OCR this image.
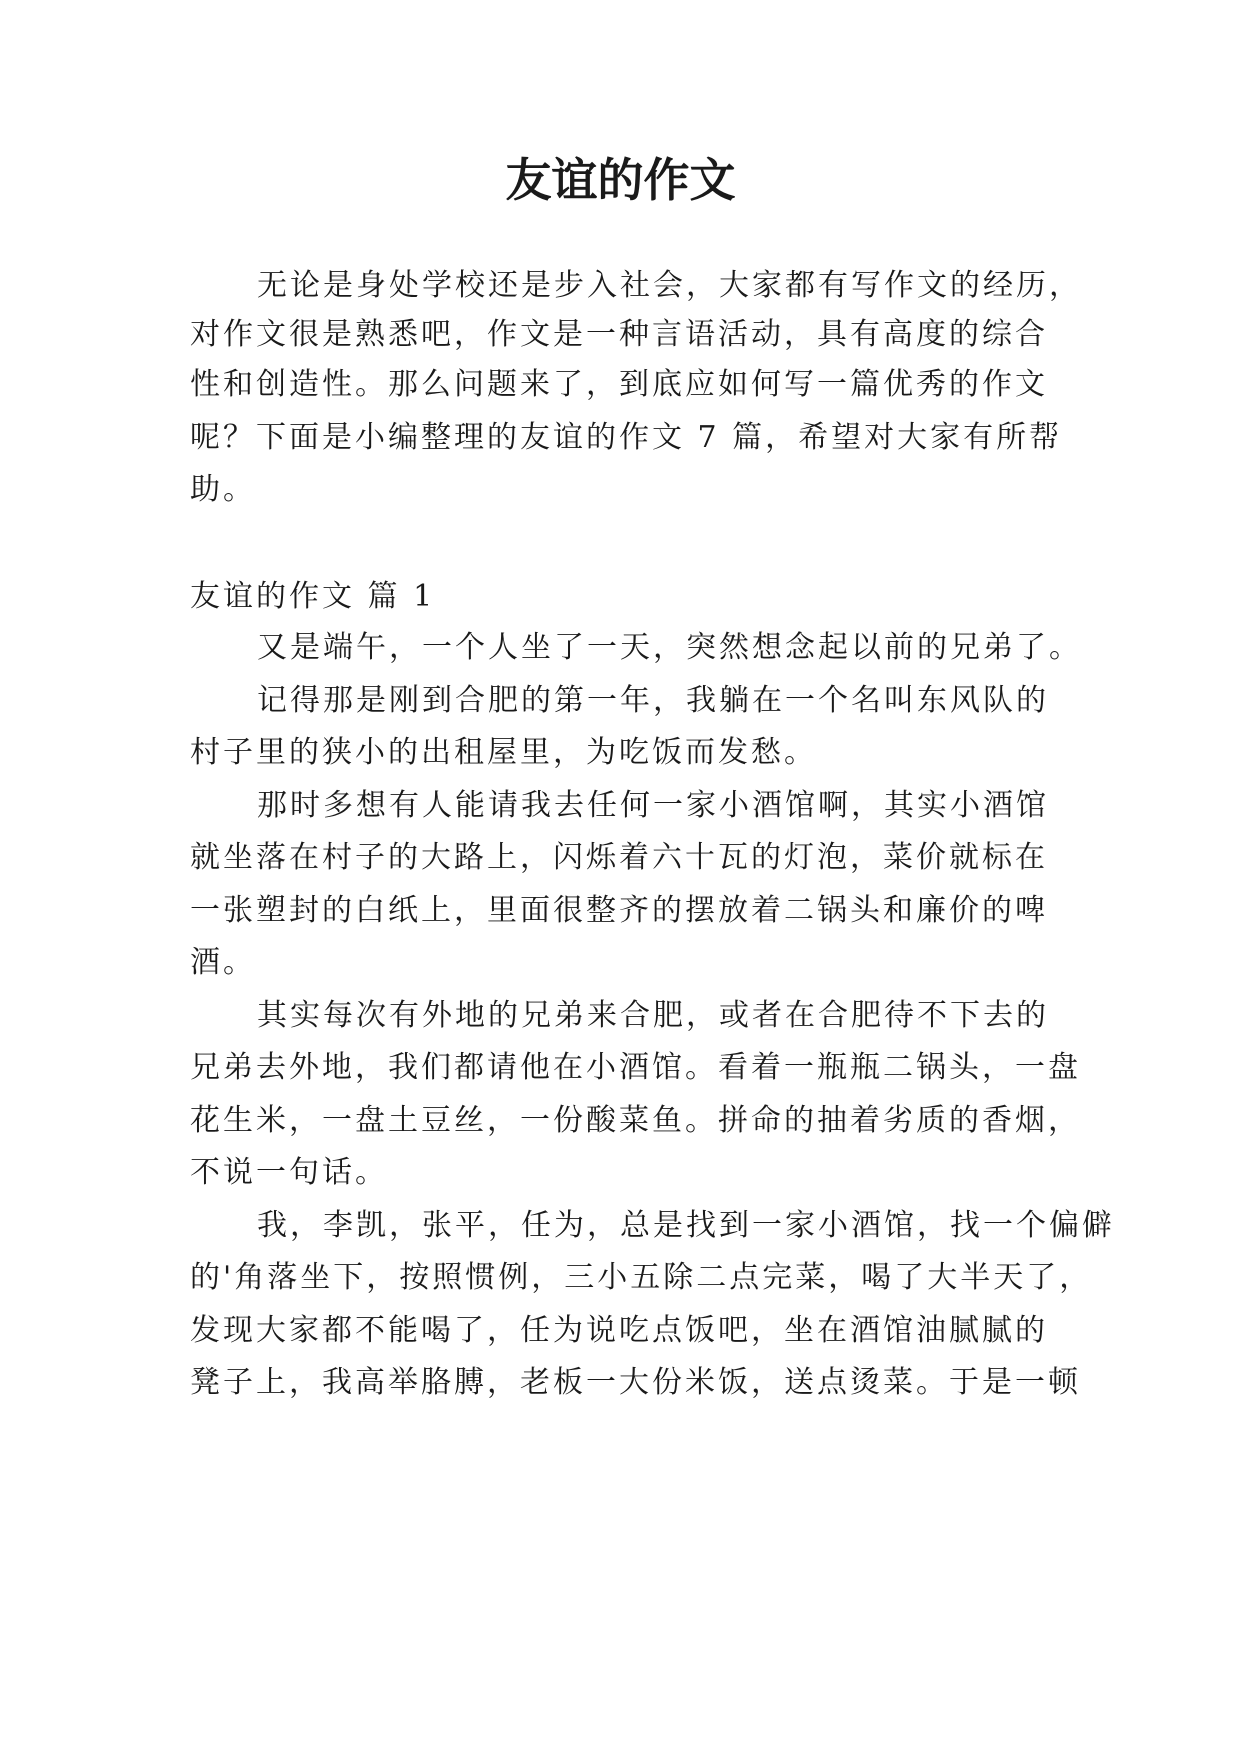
友谊的作文
无论是身处学校还是步入社会，大家都有写作文的经历，
对作文很是熟悉吧，作文是一种言语活动，具有高度的综合
性和创造性。那么问题来了，到底应如何写一篇优秀的作文
呢？下面是小编整理的友谊的作文 7 篇，希望对大家有所帮
助。
友谊的作文 篇 1
又是端午，一个人坐了一天，突然想念起以前的兄弟了。
记得那是刚到合肥的第一年，我躺在一个名叫东风队的
村子里的狭小的出租屋里，为吃饭而发愁。
那时多想有人能请我去任何一家小酒馆啊，其实小酒馆
就坐落在村子的大路上，闪烁着六十瓦的灯泡，菜价就标在
一张塑封的白纸上，里面很整齐的摆放着二锅头和廉价的啤
酒。
其实每次有外地的兄弟来合肥，或者在合肥待不下去的
兄弟去外地，我们都请他在小酒馆。看着一瓶瓶二锅头，一盘
花生米，一盘土豆丝，一份酸菜鱼。拼命的抽着劣质的香烟，
不说一句话。
我，李凯，张平，任为，总是找到一家小酒馆，找一个偏僻
的'角落坐下，按照惯例，三小五除二点完菜，喝了大半天了，
发现大家都不能喝了，任为说吃点饭吧，坐在酒馆油腻腻的
凳子上，我高举胳膊，老板一大份米饭，送点烫菜。于是一顿
